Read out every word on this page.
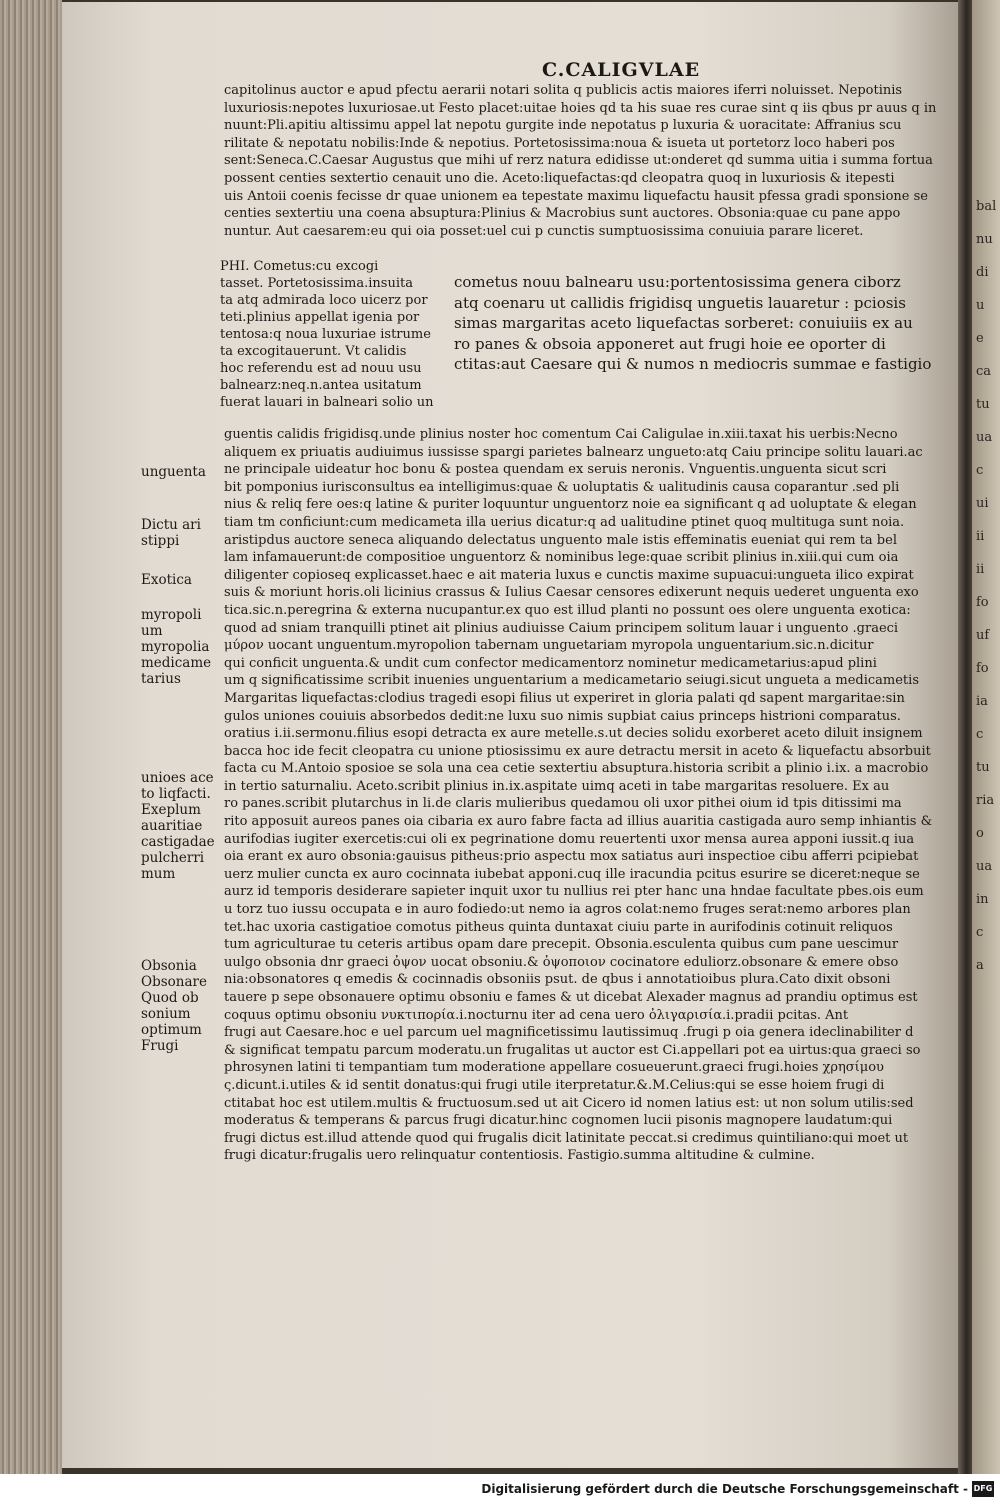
C.CALIGVLAE
capitolinus auctor e apud pfectu aerarii notari solita q publicis actis maiores iferri noluisset. Nepotinis
luxuriosis:nepotes luxuriosae.ut Festo placet:uitae hoies qd ta his suae res curae sint q iis qbus pr auus q in
nuunt:Pli.apitiu altissimu appel lat nepotu gurgite inde nepotatus p luxuria & uoracitate: Affranius scu
rilitate & nepotatu nobilis:Inde & nepotius. Portetosissima:noua & isueta ut portetorz loco haberi pos
sent:Seneca.C.Caesar Augustus que mihi uf rerz natura edidisse ut:onderet qd summa uitia i summa fortua
possent centies sextertio cenauit uno die. Aceto:liquefactas:qd cleopatra quoq in luxuriosis & itepesti
uis Antoii coenis fecisse dr quae unionem ea tepestate maximu liquefactu hausit pfessa gradi sponsione se
centies sextertiu una coena absuptura:Plinius & Macrobius sunt auctores. Obsonia:quae cu pane appo
nuntur. Aut caesarem:eu qui oia posset:uel cui p cunctis sumptuosissima conuiuia parare liceret.
PHI. Cometus:cu excogi
tasset. Portetosissima.insuita
ta atq admirada loco uicerz por
teti.plinius appellat igenia por
tentosa:q noua luxuriae istrume
ta excogitauerunt. Vt calidis
hoc referendu est ad nouu usu
balnearz:neq.n.antea usitatum
fuerat lauari in balneari solio un
cometus nouu balnearu usu:portentosissima genera ciborz
atq coenaru ut callidis frigidisq unguetis lauaretur : pciosis
simas margaritas aceto liquefactas sorberet: conuiuiis ex au
ro panes & obsoia apponeret aut frugi hoie ee oporter di
ctitas:aut Caesare qui & numos n mediocris summae e fastigio
guentis calidis frigidisq.unde plinius noster hoc comentum Cai Caligulae in.xiii.taxat his uerbis:Necno
aliquem ex priuatis audiuimus iussisse spargi parietes balnearz ungueto:atq Caiu principe solitu lauari.ac
ne principale uideatur hoc bonu & postea quendam ex seruis neronis. Vnguentis.unguenta sicut scri
bit pomponius iurisconsultus ea intelligimus:quae & uoluptatis & ualitudinis causa coparantur .sed pli
nius & reliq fere oes:q latine & puriter loquuntur unguentorz noie ea significant q ad uoluptate & elegan
tiam tm conficiunt:cum medicameta illa uerius dicatur:q ad ualitudine ptinet quoq multituga sunt noia.
aristipdus auctore seneca aliquando delectatus unguento male istis effeminatis eueniat qui rem ta bel
lam infamauerunt:de compositioe unguentorz & nominibus lege:quae scribit plinius in.xiii.qui cum oia
diligenter copioseq explicasset.haec e ait materia luxus e cunctis maxime supuacui:ungueta ilico expirat
suis & moriunt horis.oli licinius crassus & Iulius Caesar censores edixerunt nequis uederet unguenta exo
tica.sic.n.peregrina & externa nucupantur.ex quo est illud planti no possunt oes olere unguenta exotica:
quod ad sniam tranquilli ptinet ait plinius audiuisse Caium principem solitum lauar i unguento .graeci
μύρον uocant unguentum.myropolion tabernam unguetariam myropola unguentarium.sic.n.dicitur
qui conficit unguenta.& undit cum confector medicamentorz nominetur medicametarius:apud plini
um q significatissime scribit inuenies unguentarium a medicametario seiugi.sicut ungueta a medicametis
Margaritas liquefactas:clodius tragedi esopi filius ut experiret in gloria palati qd sapent margaritae:sin
gulos uniones couiuis absorbedos dedit:ne luxu suo nimis supbiat caius princeps histrioni comparatus.
oratius i.ii.sermonu.filius esopi detracta ex aure metelle.s.ut decies solidu exorberet aceto diluit insignem
bacca hoc ide fecit cleopatra cu unione ptiosissimu ex aure detractu mersit in aceto & liquefactu absorbuit
facta cu M.Antoio sposioe se sola una cea cetie sextertiu absuptura.historia scribit a plinio i.ix. a macrobio
in tertio saturnaliu. Aceto.scribit plinius in.ix.aspitate uimq aceti in tabe margaritas resoluere. Ex au
ro panes.scribit plutarchus in li.de claris mulieribus quedamou oli uxor pithei oium id tpis ditissimi ma
rito apposuit aureos panes oia cibaria ex auro fabre facta ad illius auaritia castigada auro semp inhiantis &
aurifodias iugiter exercetis:cui oli ex pegrinatione domu reuertenti uxor mensa aurea apponi iussit.q iua
oia erant ex auro obsonia:gauisus pitheus:prio aspectu mox satiatus auri inspectioe cibu afferri pcipiebat
uerz mulier cuncta ex auro cocinnata iubebat apponi.cuq ille iracundia pcitus esurire se diceret:neque se
aurz id temporis desiderare sapieter inquit uxor tu nullius rei pter hanc una hndae facultate pbes.ois eum
u torz tuo iussu occupata e in auro fodiedo:ut nemo ia agros colat:nemo fruges serat:nemo arbores plan
tet.hac uxoria castigatioe comotus pitheus quinta duntaxat ciuiu parte in aurifodinis cotinuit reliquos
tum agriculturae tu ceteris artibus opam dare precepit. Obsonia.esculenta quibus cum pane uescimur
uulgo obsonia dnr graeci ὀψον uocat obsoniu.& ὀψοποιον cocinatore eduliorz.obsonare & emere obso
nia:obsonatores q emedis & cocinnadis obsoniis psut. de qbus i annotatioibus plura.Cato dixit obsoni
tauere p sepe obsonauere optimu obsoniu e fames & ut dicebat Alexader magnus ad prandiu optimus est
coquus optimu obsoniu νυκτιπορία.i.nocturnu iter ad cena uero ὀλιγαρισία.i.pradii pcitas. Ant
frugi aut Caesare.hoc e uel parcum uel magnificetissimu lautissimuq .frugi p oia genera ideclinabiliter d
& significat tempatu parcum moderatu.un frugalitas ut auctor est Ci.appellari pot ea uirtus:qua graeci so
phrosynen latini ti tempantiam tum moderatione appellare cosueuerunt.graeci frugi.hoies χρησίμου
ς.dicunt.i.utiles & id sentit donatus:qui frugi utile iterpretatur.&.M.Celius:qui se esse hoiem frugi di
ctitabat hoc est utilem.multis & fructuosum.sed ut ait Cicero id nomen latius est: ut non solum utilis:sed
moderatus & temperans & parcus frugi dicatur.hinc cognomen lucii pisonis magnopere laudatum:qui
frugi dictus est.illud attende quod qui frugalis dicit latinitate peccat.si credimus quintiliano:qui moet ut
frugi dicatur:frugalis uero relinquatur contentiosis. Fastigio.summa altitudine & culmine.
unguenta
Dictu ari
stippi
Exotica
myropoli
um
myropolia
medicame
tarius
unioes ace
to liqfacti.
Exeplum
auaritiae
castigadae
pulcherri
mum
Obsonia
Obsonare
Quod ob
sonium
optimum
Frugi
bal
nu
di
u
e
ca
tu
ua
c
ui
ii
ii
fo
uf
fo
ia
c
tu
ria
o
ua
in
c
a
Digitalisierung gefördert durch die Deutsche Forschungsgemeinschaft - DFG
